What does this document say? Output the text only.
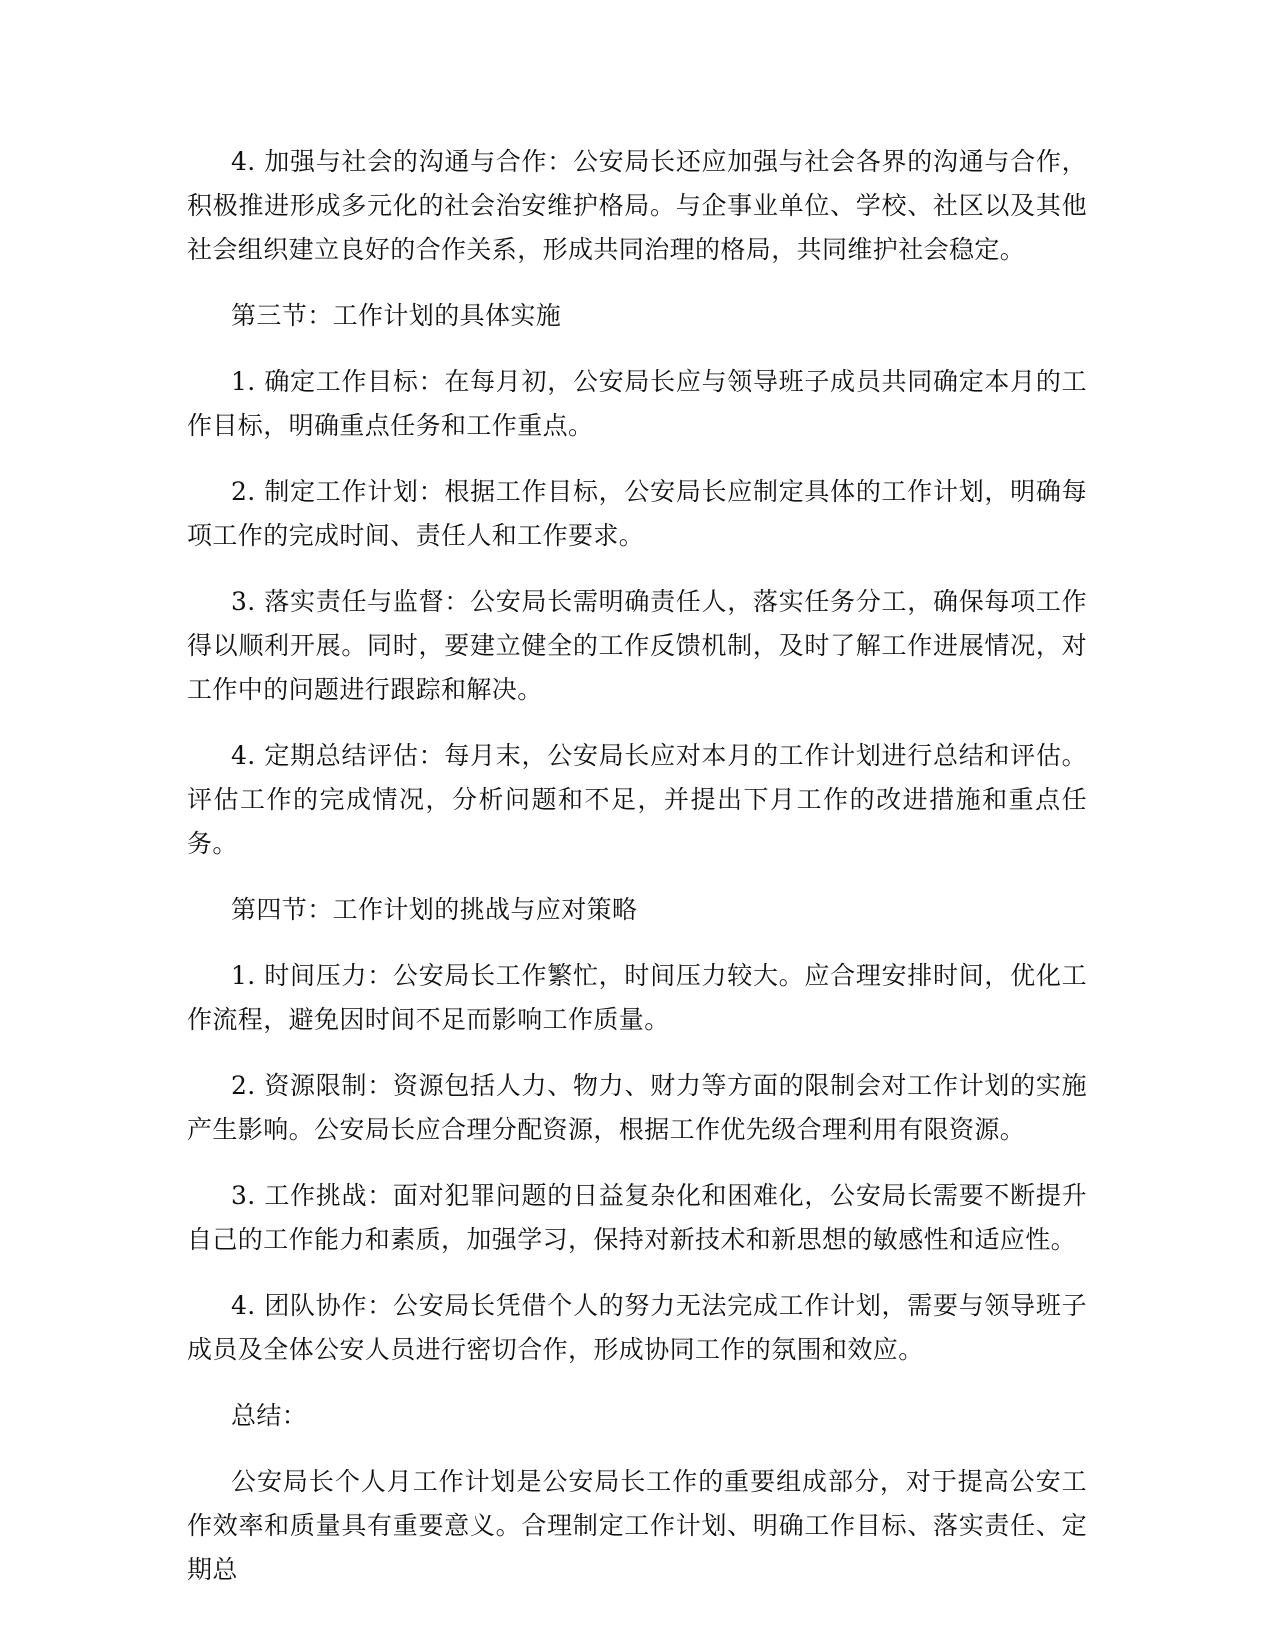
4. 加强与社会的沟通与合作：公安局长还应加强与社会各界的沟通与合作，积极推进形成多元化的社会治安维护格局。与企事业单位、学校、社区以及其他社会组织建立良好的合作关系，形成共同治理的格局，共同维护社会稳定。

第三节：工作计划的具体实施

1. 确定工作目标：在每月初，公安局长应与领导班子成员共同确定本月的工作目标，明确重点任务和工作重点。

2. 制定工作计划：根据工作目标，公安局长应制定具体的工作计划，明确每项工作的完成时间、责任人和工作要求。

3. 落实责任与监督：公安局长需明确责任人，落实任务分工，确保每项工作得以顺利开展。同时，要建立健全的工作反馈机制，及时了解工作进展情况，对工作中的问题进行跟踪和解决。

4. 定期总结评估：每月末，公安局长应对本月的工作计划进行总结和评估。评估工作的完成情况，分析问题和不足，并提出下月工作的改进措施和重点任务。

第四节：工作计划的挑战与应对策略

1. 时间压力：公安局长工作繁忙，时间压力较大。应合理安排时间，优化工作流程，避免因时间不足而影响工作质量。

2. 资源限制：资源包括人力、物力、财力等方面的限制会对工作计划的实施产生影响。公安局长应合理分配资源，根据工作优先级合理利用有限资源。

3. 工作挑战：面对犯罪问题的日益复杂化和困难化，公安局长需要不断提升自己的工作能力和素质，加强学习，保持对新技术和新思想的敏感性和适应性。

4. 团队协作：公安局长凭借个人的努力无法完成工作计划，需要与领导班子成员及全体公安人员进行密切合作，形成协同工作的氛围和效应。

总结：

公安局长个人月工作计划是公安局长工作的重要组成部分，对于提高公安工作效率和质量具有重要意义。合理制定工作计划、明确工作目标、落实责任、定期总
